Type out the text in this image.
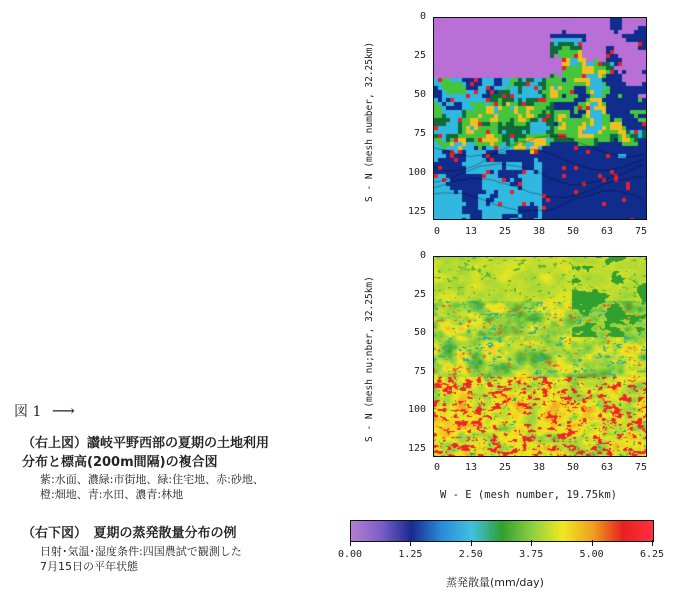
S - N (mesh number, 32.25km)
0
25
50
75
100
125
0	13	25	38	50	63	75
S - N (mesh nu;nber, 32.25km)
0
25
50
75
100
125
0	13	25	38	50	63	75
W - E (mesh number, 19.75km)
0.00	1.25	2.50	3.75	5.00	6.25
蒸発散量(mm/day)
図 1 ⟶
（右上図）讃岐平野西部の夏期の土地利用
分布と標高(200m間隔)の複合図
紫:水面、濃緑:市街地、緑:住宅地、赤:砂地、
橙:畑地、青:水田、濃青:林地
（右下図）　夏期の蒸発散量分布の例
日射･気温･湿度条件:四国農試で観測した
7月15日の平年状態
